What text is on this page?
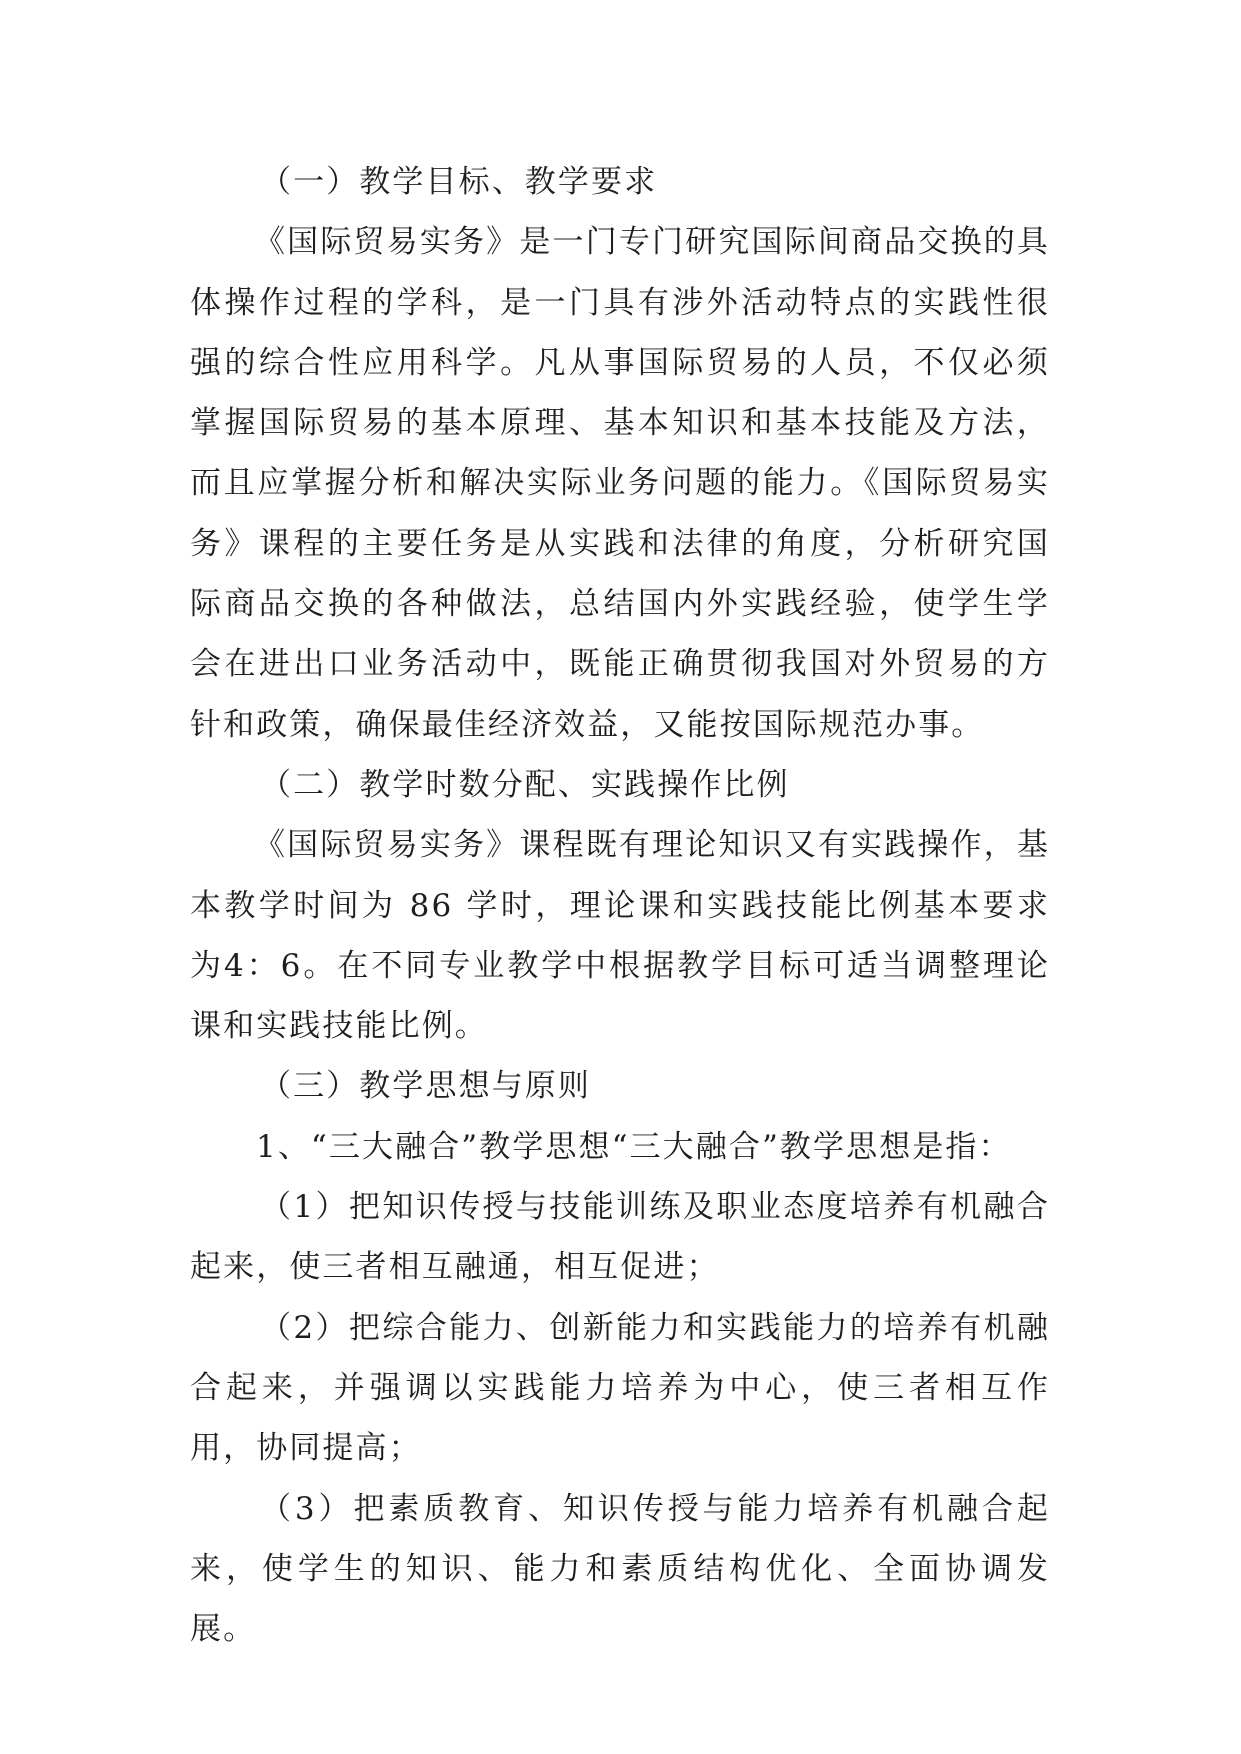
（一）教学目标、教学要求

《国际贸易实务》是一门专门研究国际间商品交换的具体操作过程的学科，是一门具有涉外活动特点的实践性很强的综合性应用科学。凡从事国际贸易的人员，不仅必须掌握国际贸易的基本原理、基本知识和基本技能及方法，而且应掌握分析和解决实际业务问题的能力。《国际贸易实务》课程的主要任务是从实践和法律的角度，分析研究国际商品交换的各种做法，总结国内外实践经验，使学生学会在进出口业务活动中，既能正确贯彻我国对外贸易的方针和政策，确保最佳经济效益，又能按国际规范办事。

（二）教学时数分配、实践操作比例

《国际贸易实务》课程既有理论知识又有实践操作，基本教学时间为 86 学时，理论课和实践技能比例基本要求为4：6。在不同专业教学中根据教学目标可适当调整理论课和实践技能比例。

（三）教学思想与原则

1、“三大融合”教学思想“三大融合”教学思想是指：

（1）把知识传授与技能训练及职业态度培养有机融合起来，使三者相互融通，相互促进；

（2）把综合能力、创新能力和实践能力的培养有机融合起来，并强调以实践能力培养为中心，使三者相互作用，协同提高；

（3）把素质教育、知识传授与能力培养有机融合起来，使学生的知识、能力和素质结构优化、全面协调发展。
